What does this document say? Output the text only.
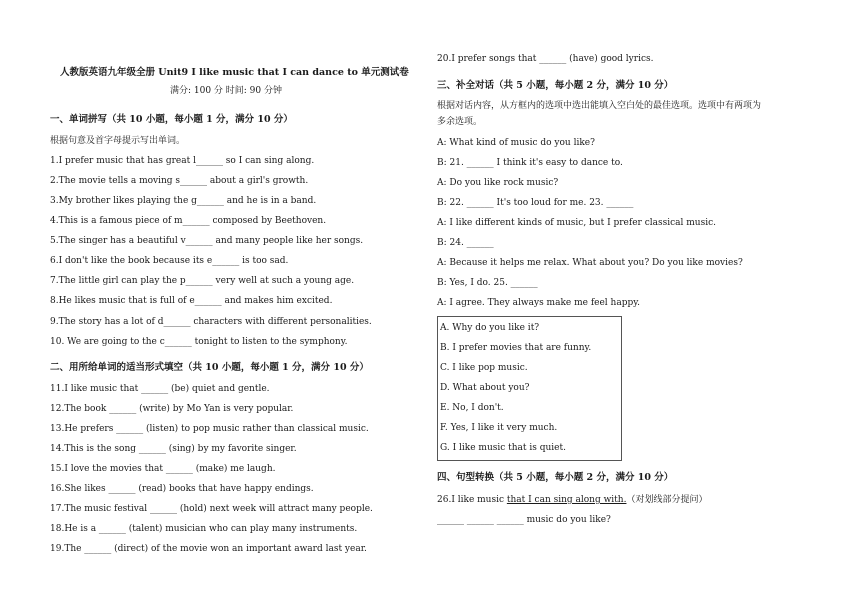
人教版英语九年级全册 Unit9 I like music that I can dance to 单元测试卷
满分: 100 分 时间: 90 分钟
一、单词拼写（共 10 小题，每小题 1 分，满分 10 分）
根据句意及首字母提示写出单词。
1.I prefer music that has great l______ so I can sing along.
2.The movie tells a moving s______ about a girl's growth.
3.My brother likes playing the g______ and he is in a band.
4.This is a famous piece of m______ composed by Beethoven.
5.The singer has a beautiful v______ and many people like her songs.
6.I don't like the book because its e______ is too sad.
7.The little girl can play the p______ very well at such a young age.
8.He likes music that is full of e______ and makes him excited.
9.The story has a lot of d______ characters with different personalities.
10. We are going to the c______ tonight to listen to the symphony.
二、用所给单词的适当形式填空（共 10 小题，每小题 1 分，满分 10 分）
11.I like music that ______ (be) quiet and gentle.
12.The book ______ (write) by Mo Yan is very popular.
13.He prefers ______ (listen) to pop music rather than classical music.
14.This is the song ______ (sing) by my favorite singer.
15.I love the movies that ______ (make) me laugh.
16.She likes ______ (read) books that have happy endings.
17.The music festival ______ (hold) next week will attract many people.
18.He is a ______ (talent) musician who can play many instruments.
19.The ______ (direct) of the movie won an important award last year.
20.I prefer songs that ______ (have) good lyrics.
三、补全对话（共 5 小题，每小题 2 分，满分 10 分）
根据对话内容，从方框内的选项中选出能填入空白处的最佳选项。选项中有两项为
多余选项。
A: What kind of music do you like?
B: 21. ______ I think it's easy to dance to.
A: Do you like rock music?
B: 22. ______ It's too loud for me. 23. ______
A: I like different kinds of music, but I prefer classical music.
B: 24. ______
A: Because it helps me relax. What about you? Do you like movies?
B: Yes, I do. 25. ______
A: I agree. They always make me feel happy.
A. Why do you like it?
B. I prefer movies that are funny.
C. I like pop music.
D. What about you?
E. No, I don't.
F. Yes, I like it very much.
G. I like music that is quiet.
四、句型转换（共 5 小题，每小题 2 分，满分 10 分）
26.I like music that I can sing along with.（对划线部分提问）
______ ______ ______ music do you like?
